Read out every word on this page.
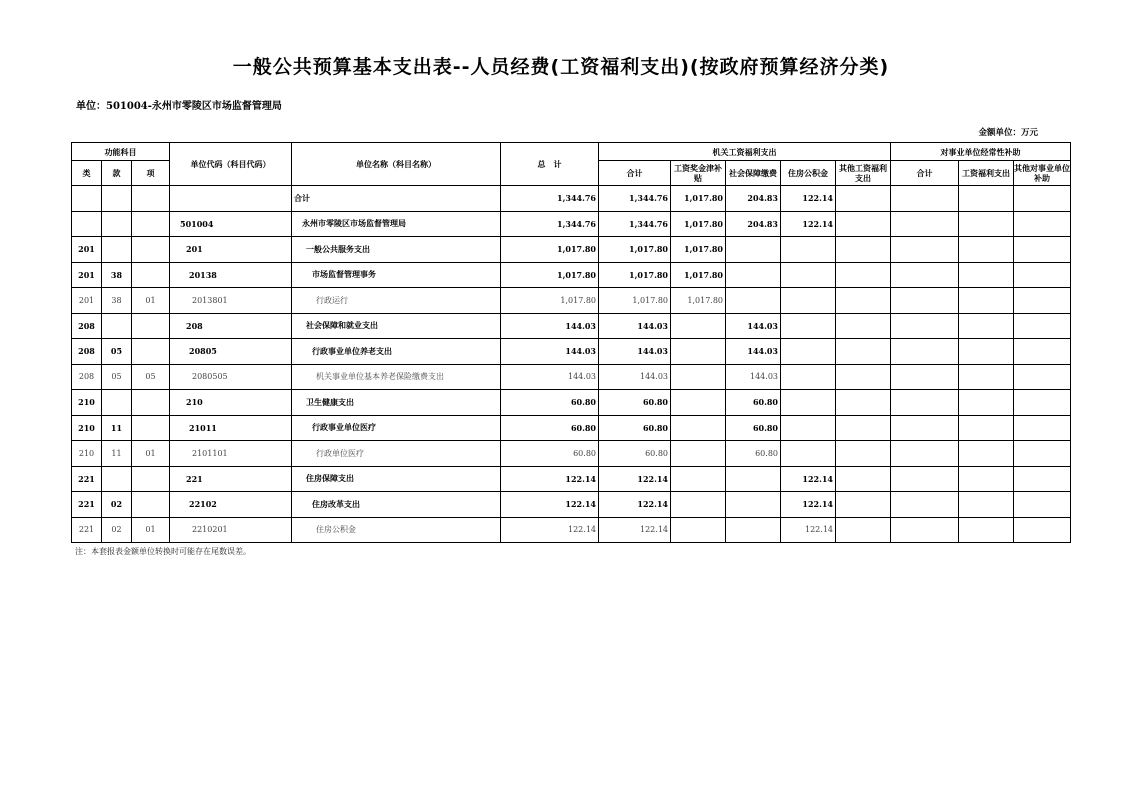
一般公共预算基本支出表--人员经费(工资福利支出)(按政府预算经济分类)
单位：501004-永州市零陵区市场监督管理局
金额单位：万元
功能科目			单位代码（科目代码）	单位名称（科目名称）	总　计	机关工资福利支出					对事业单位经常性补助		
类	款	项				合计	工资奖金津补贴	社会保障缴费	住房公积金	其他工资福利支出	合计	工资福利支出	其他对事业单位补助
				合计	1,344.76	1,344.76	1,017.80	204.83	122.14				
			501004	永州市零陵区市场监督管理局	1,344.76	1,344.76	1,017.80	204.83	122.14				
201			201	一般公共服务支出	1,017.80	1,017.80	1,017.80						
201	38		20138	市场监督管理事务	1,017.80	1,017.80	1,017.80						
201	38	01	2013801	行政运行	1,017.80	1,017.80	1,017.80						
208			208	社会保障和就业支出	144.03	144.03		144.03					
208	05		20805	行政事业单位养老支出	144.03	144.03		144.03					
208	05	05	2080505	机关事业单位基本养老保险缴费支出	144.03	144.03		144.03					
210			210	卫生健康支出	60.80	60.80		60.80					
210	11		21011	行政事业单位医疗	60.80	60.80		60.80					
210	11	01	2101101	行政单位医疗	60.80	60.80		60.80					
221			221	住房保障支出	122.14	122.14			122.14				
221	02		22102	住房改革支出	122.14	122.14			122.14				
221	02	01	2210201	住房公积金	122.14	122.14			122.14				
注：本套报表金额单位转换时可能存在尾数误差。
